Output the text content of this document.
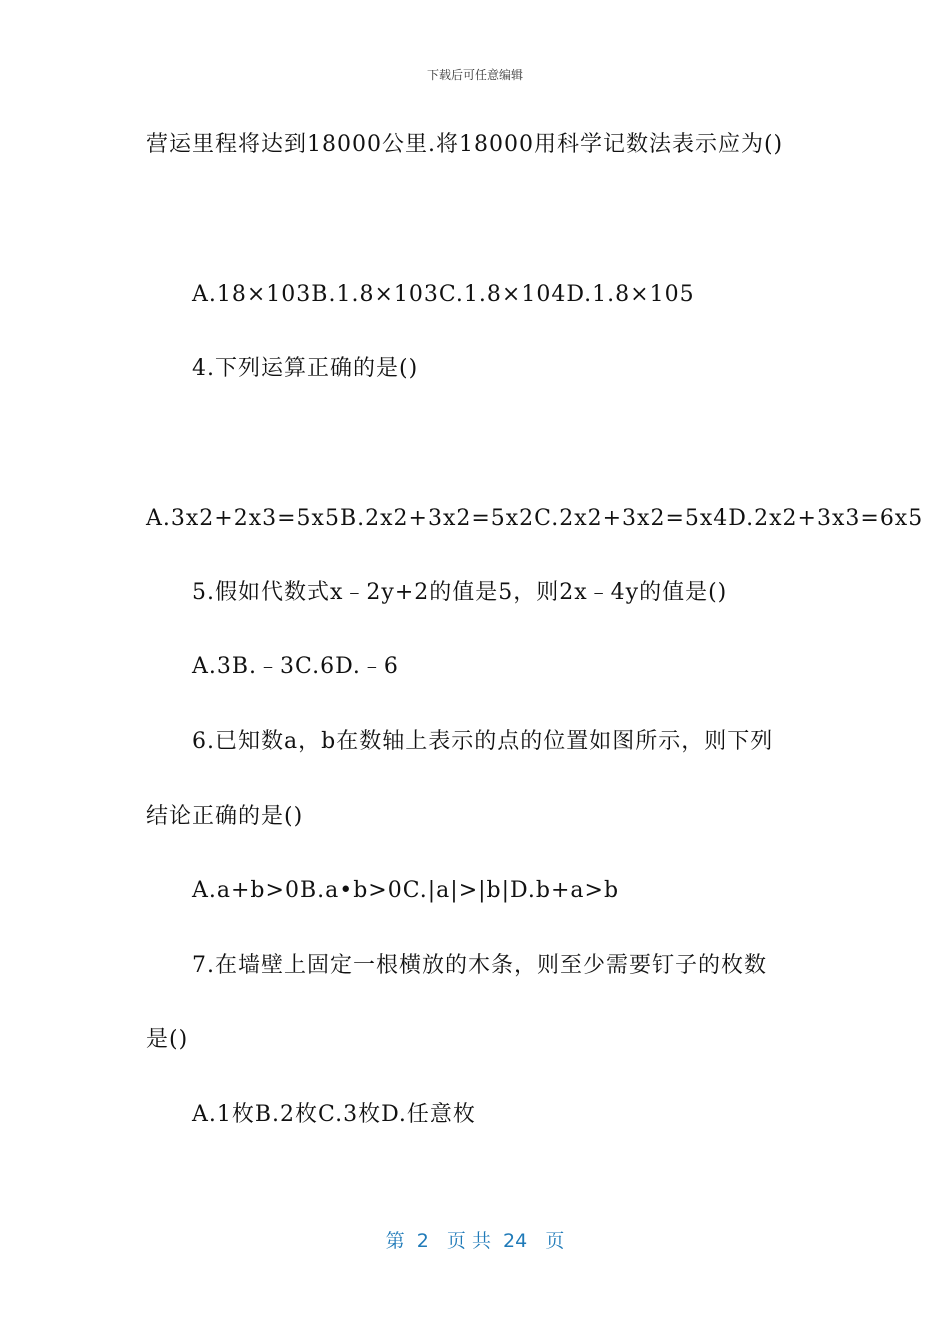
下载后可任意编辑
营运里程将达到18000公里.将18000用科学记数法表示应为()
A.18×103B.1.8×103C.1.8×104D.1.8×105
4.下列运算正确的是()
A.3x2+2x3=5x5B.2x2+3x2=5x2C.2x2+3x2=5x4D.2x2+3x3=6x5
5.假如代数式x﹣2y+2的值是5，则2x﹣4y的值是()
A.3B.﹣3C.6D.﹣6
6.已知数a，b在数轴上表示的点的位置如图所示，则下列
结论正确的是()
A.a+b>0B.a•b>0C.|a|>|b|D.b+a>b
7.在墙壁上固定一根横放的木条，则至少需要钉子的枚数
是()
A.1枚B.2枚C.3枚D.任意枚
第  2   页 共  24   页
